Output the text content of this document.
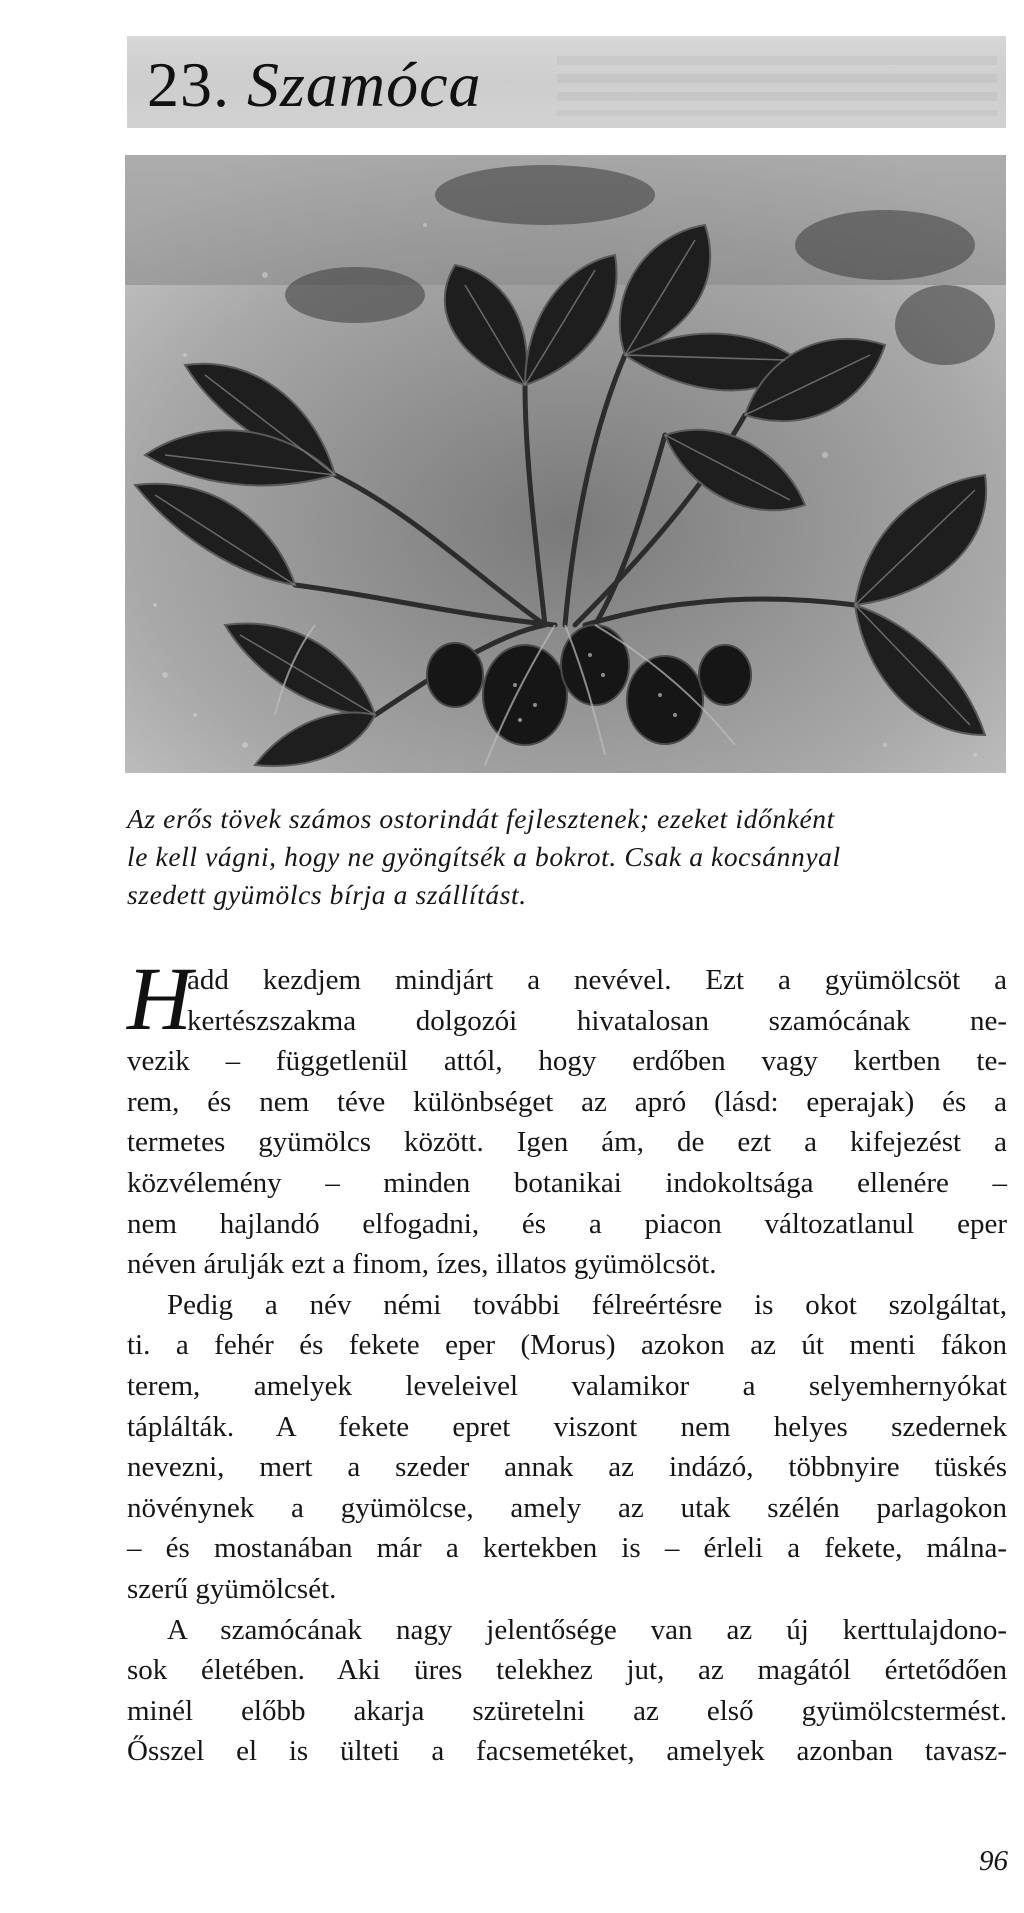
23. Szamóca

Az erős tövek számos ostorindát fejlesztenek; ezeket időnként
le kell vágni, hogy ne gyöngítsék a bokrot. Csak a kocsánnyal
szedett gyümölcs bírja a szállítást.

H
add kezdjem mindjárt a nevével. Ezt a gyümölcsöt a
kertészszakma dolgozói hivatalosan szamócának ne-
vezik – függetlenül attól, hogy erdőben vagy kertben te-
rem, és nem téve különbséget az apró (lásd: eperajak) és a
termetes gyümölcs között. Igen ám, de ezt a kifejezést a
közvélemény – minden botanikai indokoltsága ellenére –
nem hajlandó elfogadni, és a piacon változatlanul eper
néven árulják ezt a finom, ízes, illatos gyümölcsöt.
Pedig a név némi további félreértésre is okot szolgáltat,
ti. a fehér és fekete eper (Morus) azokon az út menti fákon
terem, amelyek leveleivel valamikor a selyemhernyókat
táplálták. A fekete epret viszont nem helyes szedernek
nevezni, mert a szeder annak az indázó, többnyire tüskés
növénynek a gyümölcse, amely az utak szélén parlagokon
– és mostanában már a kertekben is – érleli a fekete, málna-
szerű gyümölcsét.
A szamócának nagy jelentősége van az új kerttulajdono-
sok életében. Aki üres telekhez jut, az magától értetődően
minél előbb akarja szüretelni az első gyümölcstermést.
Ősszel el is ülteti a facsemetéket, amelyek azonban tavasz-

96
